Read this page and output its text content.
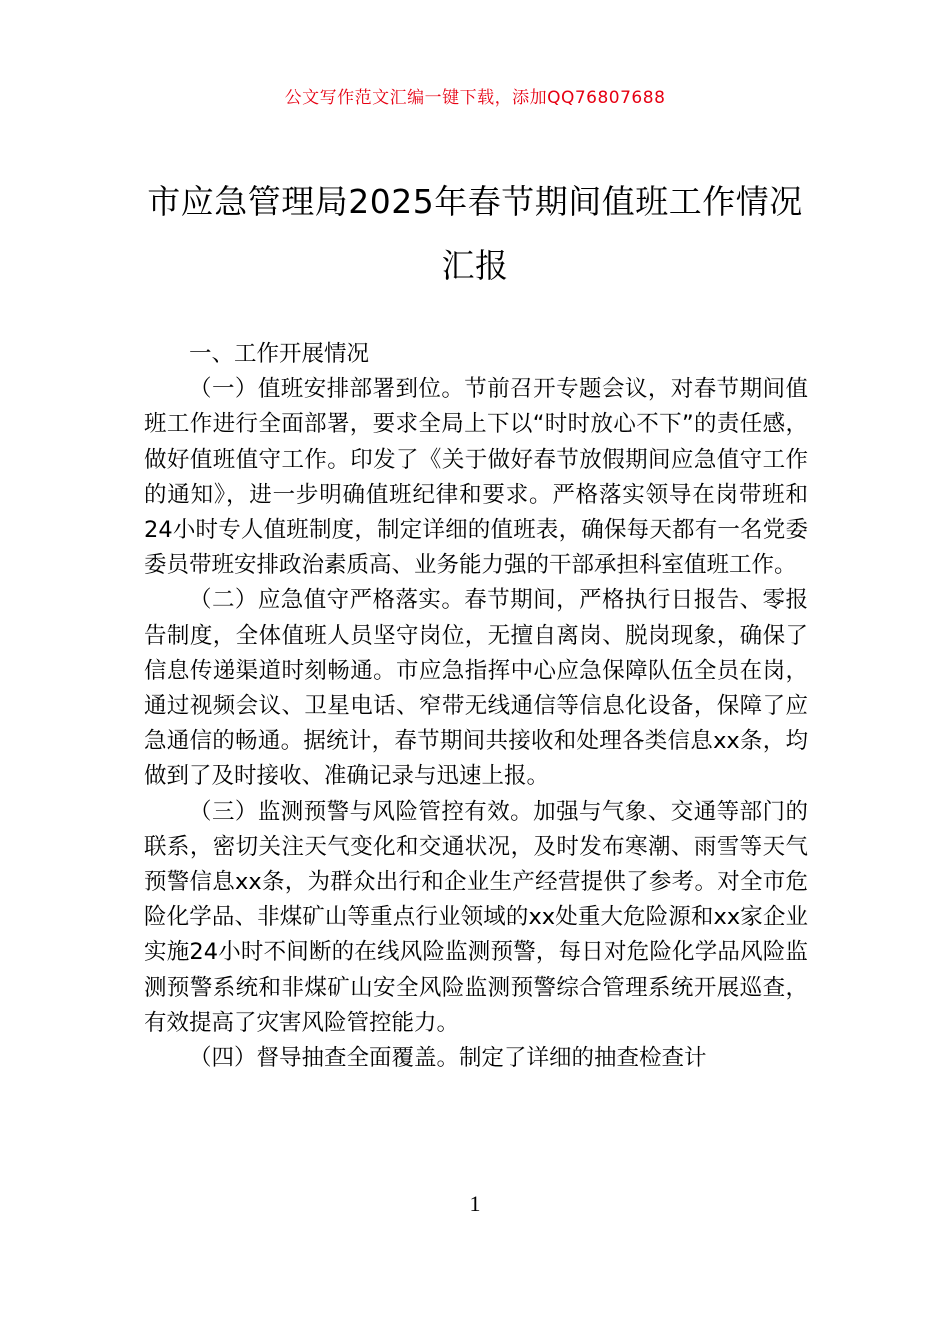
公文写作范文汇编一键下载，添加QQ76807688
市应急管理局2025年春节期间值班工作情况汇报

一、工作开展情况

（一）值班安排部署到位。节前召开专题会议，对春节期间值班工作进行全面部署，要求全局上下以“时时放心不下”的责任感，做好值班值守工作。印发了《关于做好春节放假期间应急值守工作的通知》，进一步明确值班纪律和要求。严格落实领导在岗带班和24小时专人值班制度，制定详细的值班表，确保每天都有一名党委委员带班安排政治素质高、业务能力强的干部承担科室值班工作。

（二）应急值守严格落实。春节期间，严格执行日报告、零报告制度，全体值班人员坚守岗位，无擅自离岗、脱岗现象，确保了信息传递渠道时刻畅通。市应急指挥中心应急保障队伍全员在岗，通过视频会议、卫星电话、窄带无线通信等信息化设备，保障了应急通信的畅通。据统计，春节期间共接收和处理各类信息xx条，均做到了及时接收、准确记录与迅速上报。

（三）监测预警与风险管控有效。加强与气象、交通等部门的联系，密切关注天气变化和交通状况，及时发布寒潮、雨雪等天气预警信息xx条，为群众出行和企业生产经营提供了参考。对全市危险化学品、非煤矿山等重点行业领域的xx处重大危险源和xx家企业实施24小时不间断的在线风险监测预警，每日对危险化学品风险监测预警系统和非煤矿山安全风险监测预警综合管理系统开展巡查，有效提高了灾害风险管控能力。

（四）督导抽查全面覆盖。制定了详细的抽查检查计

1
